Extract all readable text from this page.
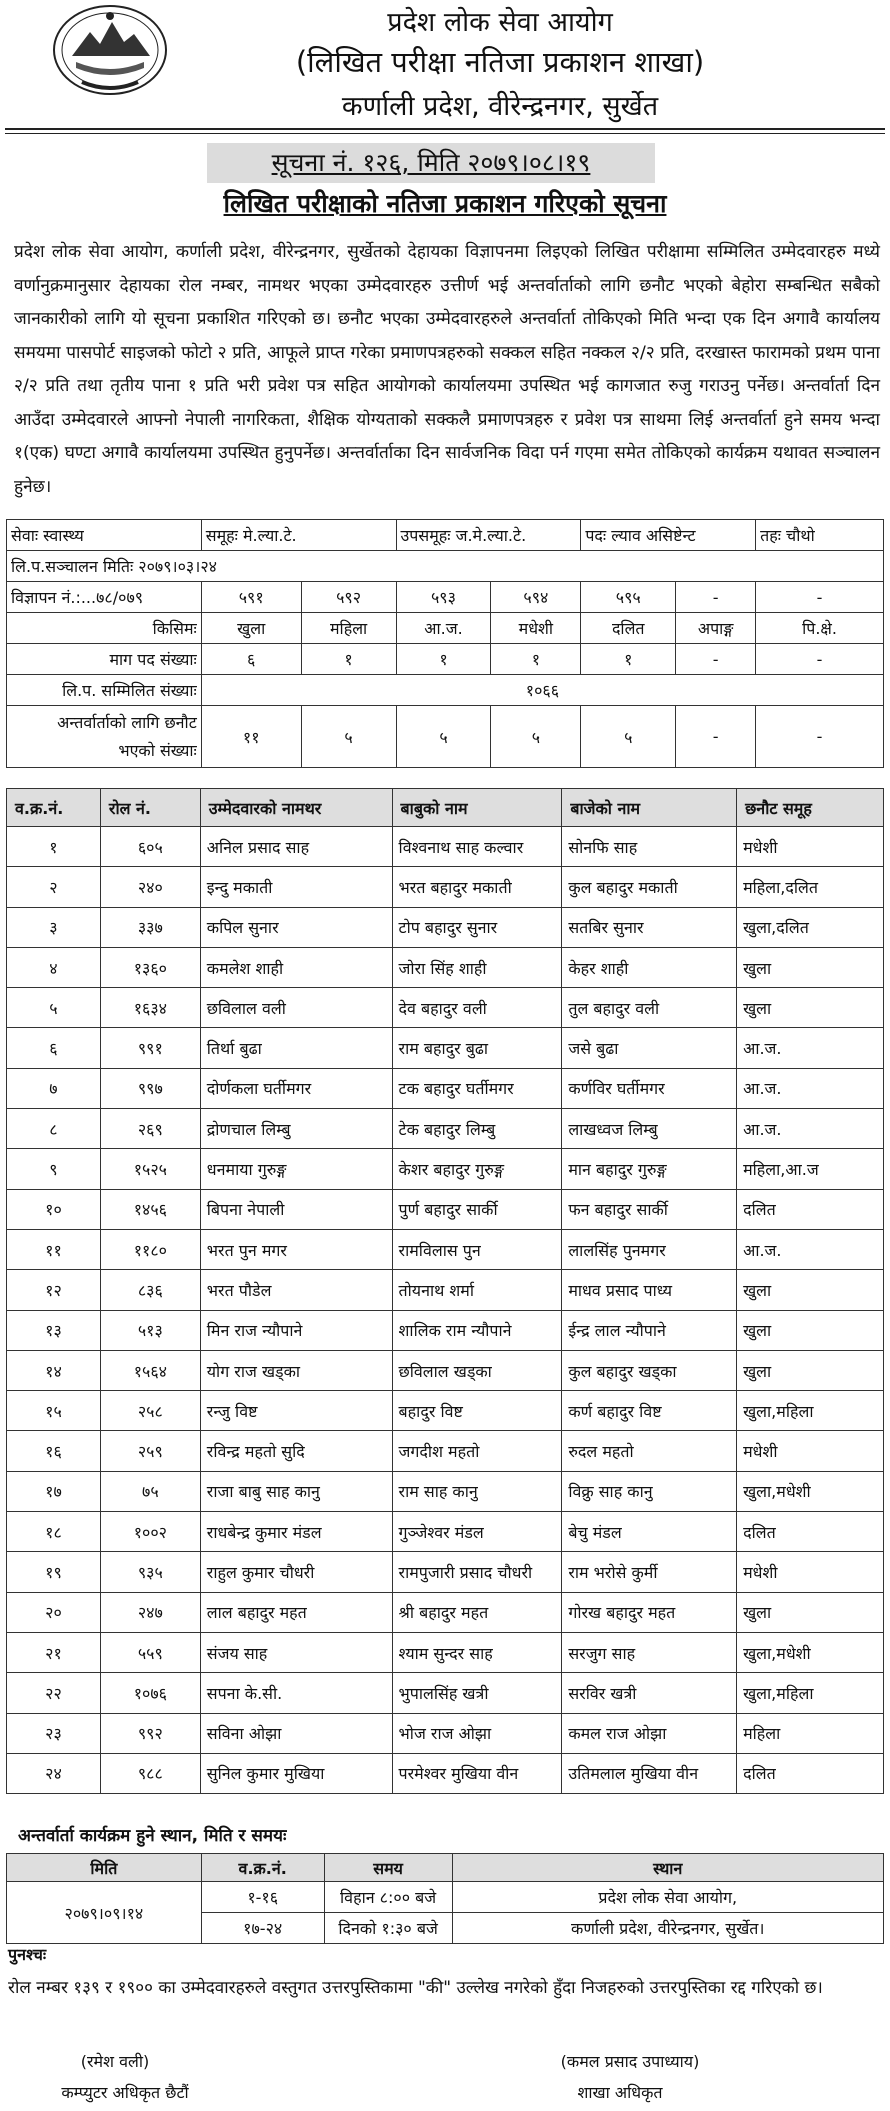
प्रदेश लोक सेवा आयोग
(लिखित परीक्षा नतिजा प्रकाशन शाखा)
कर्णाली प्रदेश, वीरेन्द्रनगर, सुर्खेत
सूचना नं. १२६, मिति २०७९।०८।१९
लिखित परीक्षाको नतिजा प्रकाशन गरिएको सूचना
प्रदेश लोक सेवा आयोग, कर्णाली प्रदेश, वीरेन्द्रनगर, सुर्खेतको देहायका विज्ञापनमा लिइएको लिखित परीक्षामा सम्मिलित उम्मेदवारहरु मध्ये वर्णानुक्रमानुसार देहायका रोल नम्बर, नामथर भएका उम्मेदवारहरु उत्तीर्ण भई अन्तर्वार्ताको लागि छनौट भएको बेहोरा सम्बन्धित सबैको जानकारीको लागि यो सूचना प्रकाशित गरिएको छ। छनौट भएका उम्मेदवारहरुले अन्तर्वार्ता तोकिएको मिति भन्दा एक दिन अगावै कार्यालय समयमा पासपोर्ट साइजको फोटो २ प्रति, आफूले प्राप्त गरेका प्रमाणपत्रहरुको सक्कल सहित नक्कल २/२ प्रति, दरखास्त फारामको प्रथम पाना २/२ प्रति तथा तृतीय पाना १ प्रति भरी प्रवेश पत्र सहित आयोगको कार्यालयमा उपस्थित भई कागजात रुजु गराउनु पर्नेछ। अन्तर्वार्ता दिन आउँदा उम्मेदवारले आफ्नो नेपाली नागरिकता, शैक्षिक योग्यताको सक्कलै प्रमाणपत्रहरु र प्रवेश पत्र साथमा लिई अन्तर्वार्ता हुने समय भन्दा १(एक) घण्टा अगावै कार्यालयमा उपस्थित हुनुपर्नेछ। अन्तर्वार्ताका दिन सार्वजनिक विदा पर्न गएमा समेत तोकिएको कार्यक्रम यथावत सञ्चालन हुनेछ।
सेवाः स्वास्थ्य	समूहः मे.ल्या.टे.		उपसमूहः ज.मे.ल्या.टे.		पदः ल्याव असिष्टेन्ट		तहः चौथो
लि.प.सञ्चालन मितिः २०७९।०३।२४							
विज्ञापन नं.:...७८/०७९	५९१	५९२	५९३	५९४	५९५	-	-
किसिमः	खुला	महिला	आ.ज.	मधेशी	दलित	अपाङ्ग	पि.क्षे.
माग पद संख्याः	६	१	१	१	१	-	-
लि.प. सम्मिलित संख्याः	१०६६						
अन्तर्वार्ताको लागि छनौट
भएको संख्याः	११	५	५	५	५	-	-
व.क्र.नं.	रोल नं.	उम्मेदवारको नामथर	बाबुको नाम	बाजेको नाम	छनौट समूह
१	६०५	अनिल प्रसाद साह	विश्वनाथ साह कल्वार	सोनफि साह	मधेशी
२	२४०	इन्दु मकाती	भरत बहादुर मकाती	कुल बहादुर मकाती	महिला,दलित
३	३३७	कपिल सुनार	टोप बहादुर सुनार	सतबिर सुनार	खुला,दलित
४	१३६०	कमलेश शाही	जोरा सिंह शाही	केहर शाही	खुला
५	१६३४	छविलाल वली	देव बहादुर वली	तुल बहादुर वली	खुला
६	९९१	तिर्था बुढा	राम बहादुर बुढा	जसे बुढा	आ.ज.
७	९९७	दोर्णकला घर्तीमगर	टक बहादुर घर्तीमगर	कर्णविर घर्तीमगर	आ.ज.
८	२६९	द्रोणचाल लिम्बु	टेक बहादुर लिम्बु	लाखध्वज लिम्बु	आ.ज.
९	१५२५	धनमाया गुरुङ्ग	केशर बहादुर गुरुङ्ग	मान बहादुर गुरुङ्ग	महिला,आ.ज
१०	१४५६	बिपना नेपाली	पुर्ण बहादुर सार्की	फन बहादुर सार्की	दलित
११	११८०	भरत पुन मगर	रामविलास पुन	लालसिंह पुनमगर	आ.ज.
१२	८३६	भरत पौडेल	तोयनाथ शर्मा	माधव प्रसाद पाध्य	खुला
१३	५१३	मिन राज न्यौपाने	शालिक राम न्यौपाने	ईन्द्र लाल न्यौपाने	खुला
१४	१५६४	योग राज खड्का	छविलाल खड्का	कुल बहादुर खड्का	खुला
१५	२५८	रन्जु विष्ट	बहादुर विष्ट	कर्ण बहादुर विष्ट	खुला,महिला
१६	२५९	रविन्द्र महतो सुदि	जगदीश महतो	रुदल महतो	मधेशी
१७	७५	राजा बाबु साह कानु	राम साह कानु	विक्रु साह कानु	खुला,मधेशी
१८	१००२	राधबेन्द्र कुमार मंडल	गुञ्जेश्वर मंडल	बेचु मंडल	दलित
१९	९३५	राहुल कुमार चौधरी	रामपुजारी प्रसाद चौधरी	राम भरोसे कुर्मी	मधेशी
२०	२४७	लाल बहादुर महत	श्री बहादुर महत	गोरख बहादुर महत	खुला
२१	५५९	संजय साह	श्याम सुन्दर साह	सरजुग साह	खुला,मधेशी
२२	१०७६	सपना के.सी.	भुपालसिंह खत्री	सरविर खत्री	खुला,महिला
२३	९९२	सविना ओझा	भोज राज ओझा	कमल राज ओझा	महिला
२४	९८८	सुनिल कुमार मुखिया	परमेश्वर मुखिया वीन	उतिमलाल मुखिया वीन	दलित
अन्तर्वार्ता कार्यक्रम हुने स्थान, मिति र समयः
मिति	व.क्र.नं.	समय	स्थान
२०७९।०९।१४	१-१६	विहान ८:०० बजे	प्रदेश लोक सेवा आयोग,
	१७-२४	दिनको १:३० बजे	कर्णाली प्रदेश, वीरेन्द्रनगर, सुर्खेत।
पुनश्चः
रोल नम्बर १३९ र १९०० का उम्मेदवारहरुले वस्तुगत उत्तरपुस्तिकामा "की" उल्लेख नगरेको हुँदा निजहरुको उत्तरपुस्तिका रद्द गरिएको छ।
(रमेश वली)
कम्प्युटर अधिकृत छैटौं
(कमल प्रसाद उपाध्याय)
शाखा अधिकृत
